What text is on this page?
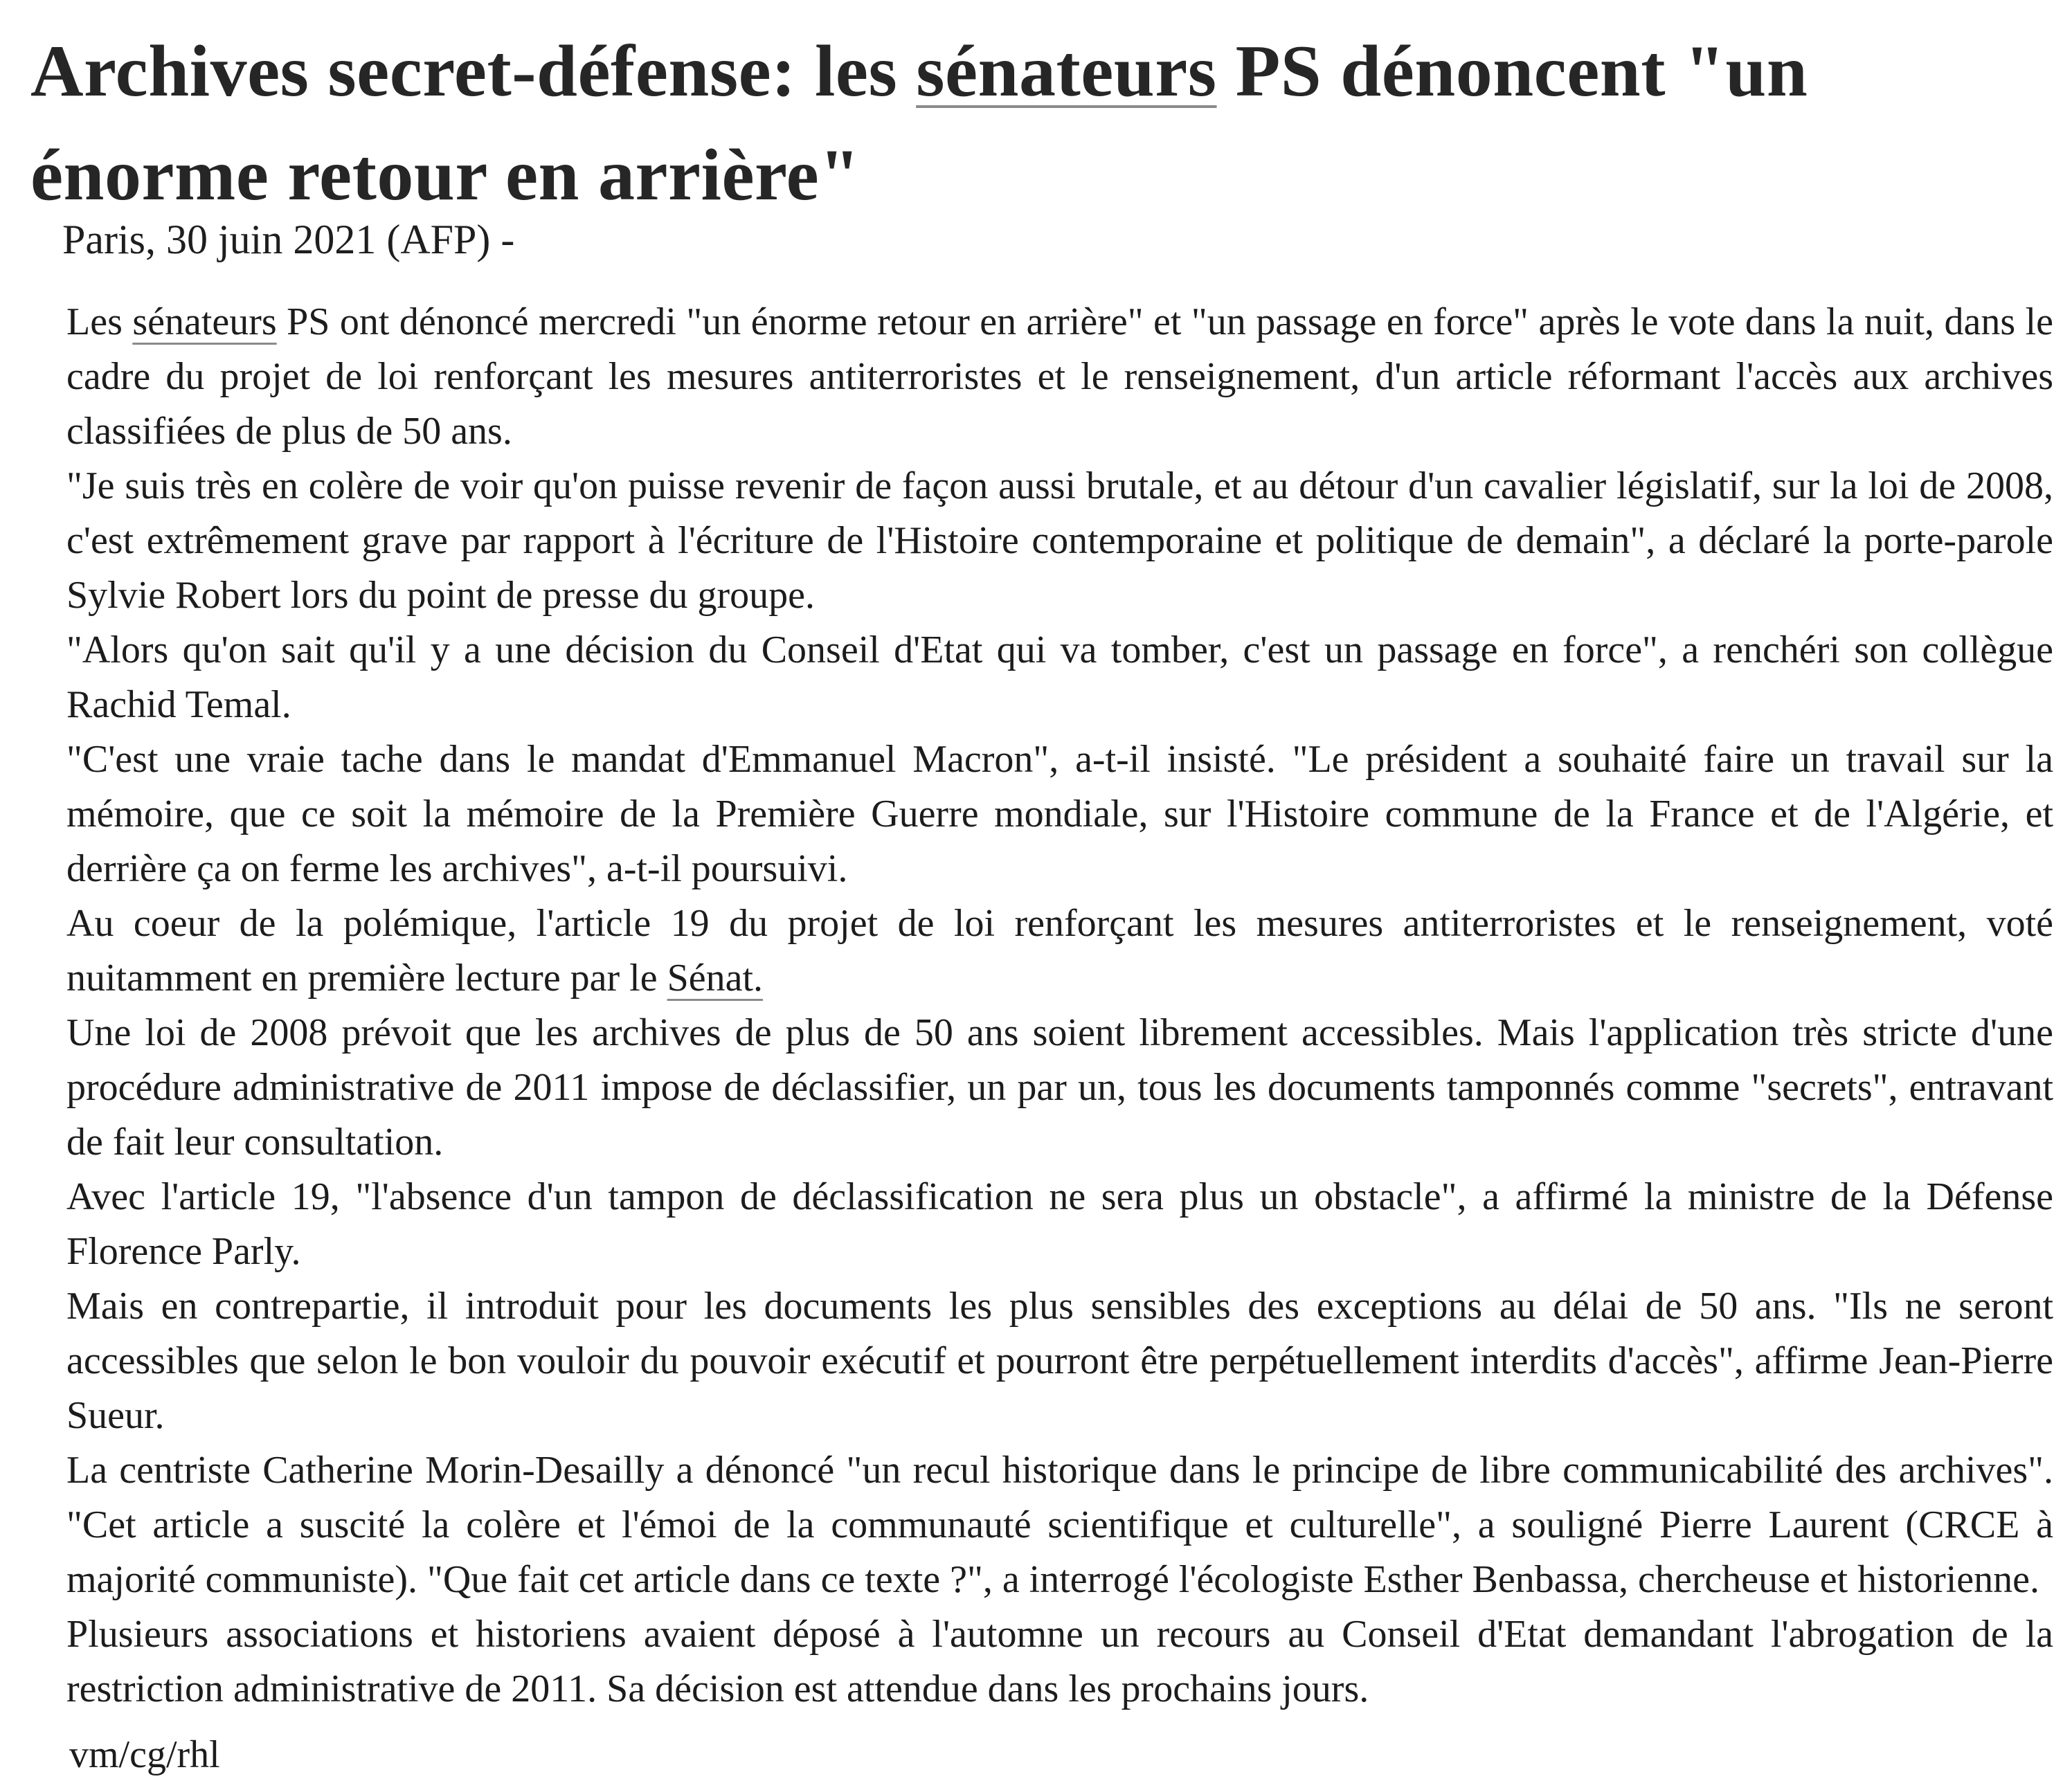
Archives secret-défense: les sénateurs PS dénoncent "un énorme retour en arrière"
Paris, 30 juin 2021 (AFP) -

Les sénateurs PS ont dénoncé mercredi "un énorme retour en arrière" et "un passage en force" après le vote dans la nuit, dans le cadre du projet de loi renforçant les mesures antiterroristes et le renseignement, d'un article réformant l'accès aux archives classifiées de plus de 50 ans.

"Je suis très en colère de voir qu'on puisse revenir de façon aussi brutale, et au détour d'un cavalier législatif, sur la loi de 2008, c'est extrêmement grave par rapport à l'écriture de l'Histoire contemporaine et politique de demain", a déclaré la porte-parole Sylvie Robert lors du point de presse du groupe.

"Alors qu'on sait qu'il y a une décision du Conseil d'Etat qui va tomber, c'est un passage en force", a renchéri son collègue Rachid Temal.

"C'est une vraie tache dans le mandat d'Emmanuel Macron", a-t-il insisté. "Le président a souhaité faire un travail sur la mémoire, que ce soit la mémoire de la Première Guerre mondiale, sur l'Histoire commune de la France et de l'Algérie, et derrière ça on ferme les archives", a-t-il poursuivi.

Au coeur de la polémique, l'article 19 du projet de loi renforçant les mesures antiterroristes et le renseignement, voté nuitamment en première lecture par le Sénat.

Une loi de 2008 prévoit que les archives de plus de 50 ans soient librement accessibles. Mais l'application très stricte d'une procédure administrative de 2011 impose de déclassifier, un par un, tous les documents tamponnés comme "secrets", entravant de fait leur consultation.

Avec l'article 19, "l'absence d'un tampon de déclassification ne sera plus un obstacle", a affirmé la ministre de la Défense Florence Parly.

Mais en contrepartie, il introduit pour les documents les plus sensibles des exceptions au délai de 50 ans. "Ils ne seront accessibles que selon le bon vouloir du pouvoir exécutif et pourront être perpétuellement interdits d'accès", affirme Jean-Pierre Sueur.

La centriste Catherine Morin-Desailly a dénoncé "un recul historique dans le principe de libre communicabilité des archives". "Cet article a suscité la colère et l'émoi de la communauté scientifique et culturelle", a souligné Pierre Laurent (CRCE à majorité communiste). "Que fait cet article dans ce texte ?", a interrogé l'écologiste Esther Benbassa, chercheuse et historienne.

Plusieurs associations et historiens avaient déposé à l'automne un recours au Conseil d'Etat demandant l'abrogation de la restriction administrative de 2011. Sa décision est attendue dans les prochains jours.

vm/cg/rhl
